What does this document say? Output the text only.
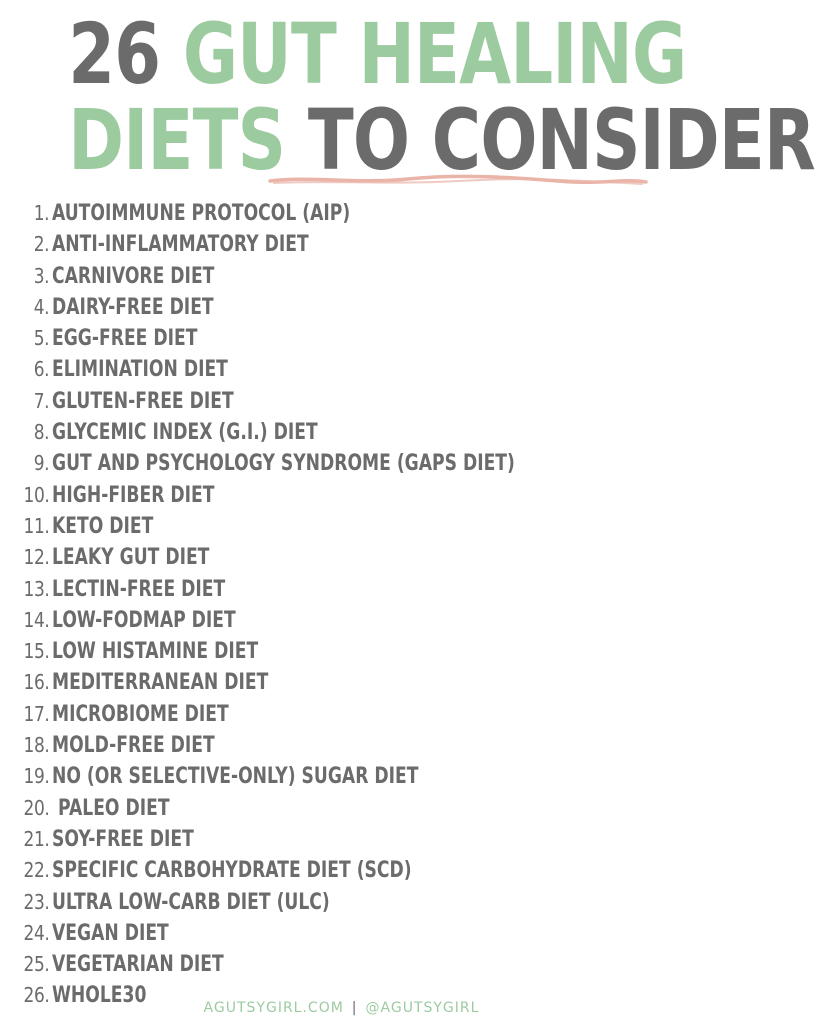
26 GUT HEALING
DIETS TO CONSIDER
1. AUTOIMMUNE PROTOCOL (AIP)
2. ANTI-INFLAMMATORY DIET
3. CARNIVORE DIET
4. DAIRY-FREE DIET
5. EGG-FREE DIET
6. ELIMINATION DIET
7. GLUTEN-FREE DIET
8. GLYCEMIC INDEX (G.I.) DIET
9. GUT AND PSYCHOLOGY SYNDROME (GAPS DIET)
10. HIGH-FIBER DIET
11. KETO DIET
12. LEAKY GUT DIET
13. LECTIN-FREE DIET
14. LOW-FODMAP DIET
15. LOW HISTAMINE DIET
16. MEDITERRANEAN DIET
17. MICROBIOME DIET
18. MOLD-FREE DIET
19. NO (OR SELECTIVE-ONLY) SUGAR DIET
20. PALEO DIET
21. SOY-FREE DIET
22. SPECIFIC CARBOHYDRATE DIET (SCD)
23. ULTRA LOW-CARB DIET (ULC)
24. VEGAN DIET
25. VEGETARIAN DIET
26. WHOLE30	AGUTSYGIRL.COM | @AGUTSYGIRL
